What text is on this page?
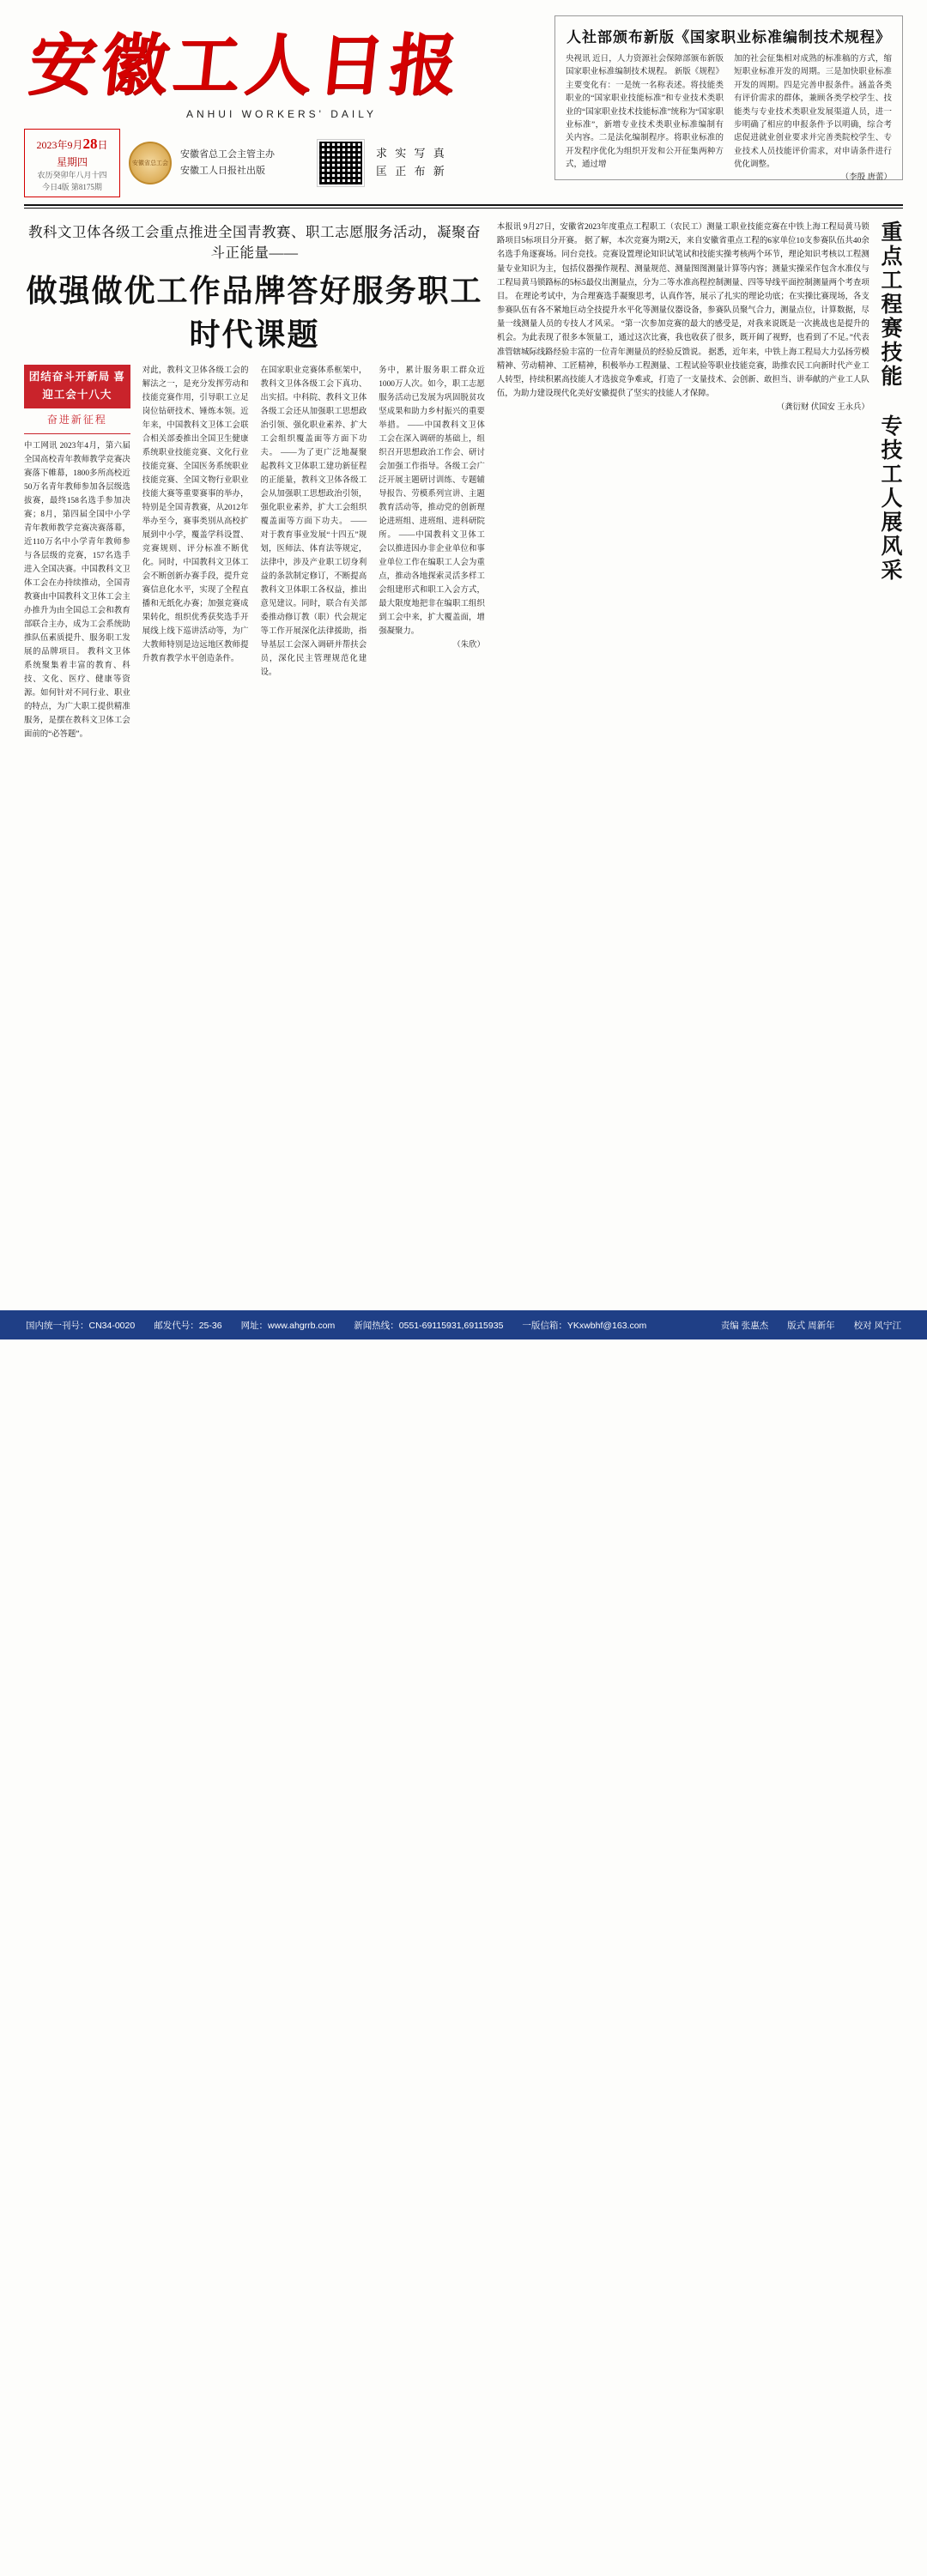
安徽工人日报
ANHUI WORKERS' DAILY
2023年9月28日
星期四
农历癸卯年八月十四
今日4版 第8175期
安徽省总工会
安徽省总工会主管主办
安徽工人日报社出版
求 实 写 真
匡 正 布 新
人社部颁布新版《国家职业标准编制技术规程》
央视讯 近日，人力资源社会保障部颁布新版国家职业标准编制技术规程。 新版《规程》主要变化有：一是统一名称表述。将技能类职业的“国家职业技能标准”和专业技术类职业的“国家职业技术技能标准”统称为“国家职业标准”，新增专业技术类职业标准编制有关内容。二是法化编制程序。将职业标准的开发程序优化为组织开发和公开征集两种方式，通过增
加的社会征集相对成熟的标准稿的方式，缩短职业标准开发的周期。三是加快职业标准开发的周期。四是完善申报条件。涵盖各类有评价需求的群体，兼顾各类学校学生、技能类与专业技术类职业发展渠道人员，进一步明确了相应的申报条件予以明确，综合考虑促进就业创业要求并完善类院校学生、专业技术人员技能评价需求，对申请条件进行优化调整。
（李殷 唐蕾）
教科文卫体各级工会重点推进全国青教赛、职工志愿服务活动，凝聚奋斗正能量——
做强做优工作品牌答好服务职工时代课题
团结奋斗开新局 喜迎工会十八大
奋进新征程
中工网讯 2023年4月，第六届全国高校青年教师教学竞赛决赛落下帷幕，1800多所高校近50万名青年教师参加各层级选拔赛，最终158名选手参加决赛；8月，第四届全国中小学青年教师教学竞赛决赛落幕，近110万名中小学青年教师参与各层级的竞赛，157名选手进入全国决赛。中国教科文卫体工会在办持续推动，全国青教赛由中国教科文卫体工会主办推升为由全国总工会和教育部联合主办，成为工会系统助推队伍素质提升、服务职工发展的品牌项目。 教科文卫体系统聚集着丰富的教育、科技、文化、医疗、健康等资源。如何针对不同行业、职业的特点，为广大职工提供精准服务，是摆在教科文卫体工会面前的“必答题”。
对此，教科文卫体各级工会的解法之一，是充分发挥劳动和技能竞赛作用，引导职工立足岗位钻研技术、锤炼本领。近年来，中国教科文卫体工会联合相关部委推出全国卫生健康系统职业技能竞赛、文化行业技能竞赛、全国医务系统职业技能竞赛、全国文物行业职业技能大赛等重要赛事的举办，特别是全国青教赛，从2012年举办至今，赛事类别从高校扩展到中小学，覆盖学科设置、竞赛规则、评分标准不断优化。同时，中国教科文卫体工会不断创新办赛手段，提升竞赛信息化水平，实现了全程直播和无纸化办赛；加强竞赛成果转化，组织优秀获奖选手开展线上线下巡讲活动等，为广大教师特别是边远地区教师提升教育教学水平创造条件。
在国家职业竞赛体系框架中，教科文卫体各级工会下真功、出实招。中科院、教科文卫体各级工会还从加强职工思想政治引领、强化职业素养、扩大工会组织覆盖面等方面下功夫。 ——为了更广泛地凝聚起教科文卫体职工建功新征程的正能量，教科文卫体各级工会从加强职工思想政治引领，强化职业素养，扩大工会组织覆盖面等方面下功夫。 ——对于教育事业发展“十四五”规划，医师法、体育法等规定，法律中，涉及产业职工切身利益的条款制定修订，不断提高教科文卫体职工各权益，推出意见建议。同时，联合有关部委推动修订教（职）代会规定等工作开展深化法律援助，指导基层工会深入调研并帮扶会员，深化民主管理规范化建设。
务中，累计服务职工群众近1000万人次。如今，职工志愿服务活动已发展为巩固脱贫攻坚成果和助力乡村振兴的重要举措。 ——中国教科文卫体工会在深入调研的基础上，组织召开思想政治工作会、研讨会加强工作指导。各级工会广泛开展主题研讨训练、专题辅导报告、劳模系列宣讲、主题教育活动等，推动党的创新理论进班组、进班组、进科研院所。 ——中国教科文卫体工会以推进因办非企业单位和事业单位工作在编职工人会为重点，推动各地探索灵活多样工会组建形式和职工入会方式，最大限度地把非在编职工组织到工会中来，扩大覆盖面，增强凝聚力。
（朱欣）
本报讯 9月27日，安徽省2023年度重点工程职工（农民工）测量工职业技能竞赛在中铁上海工程局黄马锁路项目5标项目分开赛。 据了解，本次竞赛为期2天，来自安徽省重点工程的6家单位10支参赛队伍共40余名选手角逐赛场。同台竞技。竞赛设置理论知识试笔试和技能实操考核两个环节，理论知识考核以工程测量专业知识为主，包括仪器操作规程、测量规范、测量图图测量计算等内容；测量实操采作包含水准仪与工程局黄马锁路标的5标5最仪出测量点，分为二等水准高程控制测量、四等导线平面控制测量两个考查项目。 在理论考试中，为合理赛选手凝聚思考，认真作答，展示了扎实的理论功底；在实操比赛现场，各支参赛队伍有各不紧地巨动全技提升水平化等测量仪器设备，参赛队员聚气合力，测量点位，计算数据，尽量一线测量人员的专技人才风采。 “第一次参加竞赛的最大的感受是，对我来说既是一次挑战也是提升的机会。为此表现了很多本领量工，通过这次比赛，我也收获了很多，既开阔了视野，也看到了不足。”代表准管辖城际线路经验丰富的一位青年测量员的经验反馈说。 据悉，近年来，中铁上海工程局大力弘扬劳模精神、劳动精神、工匠精神，积极举办工程测量、工程试验等职业技能竞赛，助推农民工向新时代产业工人转型，持续积累高技能人才选拔竞争难或，打造了一支量技术、会创新、敢担当、讲奉献的产业工人队伍，为助力建设现代化美好安徽提供了坚实的技能人才保障。
（龚衍财 伏国安 王永兵） 重点工程赛技能 专技工人展风采
国内统一刊号：CN34-0020 邮发代号：25-36 网址：www.ahgrrb.com 新闻热线：0551-69115931,69115935 一版信箱：YKxwbhf@163.com	责编 张惠杰 版式 周新年 校对 风宁江
